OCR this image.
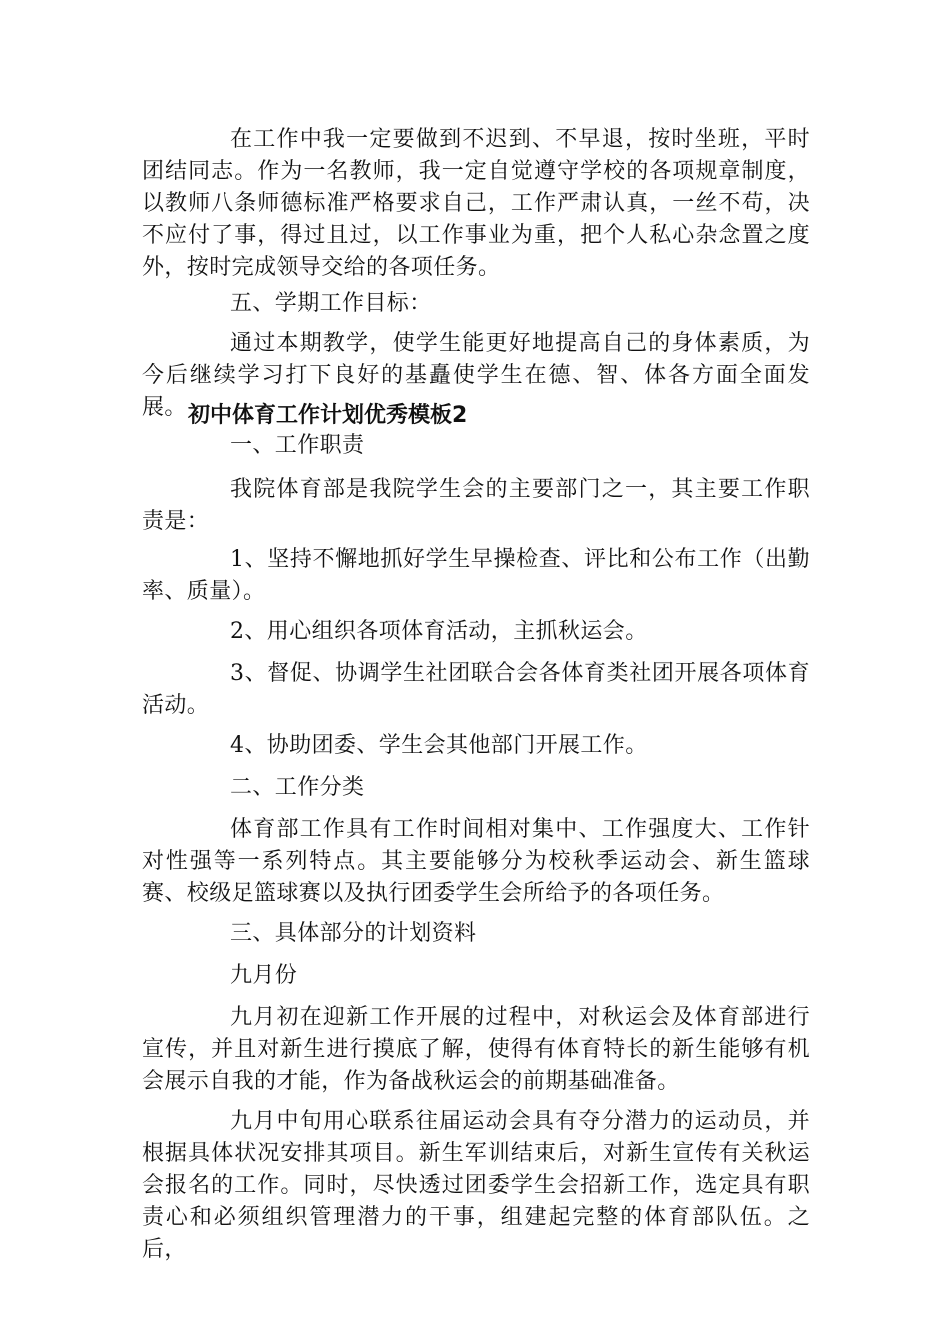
在工作中我一定要做到不迟到、不早退，按时坐班，平时团结同志。作为一名教师，我一定自觉遵守学校的各项规章制度，以教师八条师德标准严格要求自己，工作严肃认真，一丝不苟，决不应付了事，得过且过，以工作事业为重，把个人私心杂念置之度外，按时完成领导交给的各项任务。

五、学期工作目标：

通过本期教学，使学生能更好地提高自己的身体素质，为今后继续学习打下良好的基矗使学生在德、智、体各方面全面发展。 初中体育工作计划优秀模板2

一、工作职责

我院体育部是我院学生会的主要部门之一，其主要工作职责是：

1、坚持不懈地抓好学生早操检查、评比和公布工作（出勤率、质量）。

2、用心组织各项体育活动，主抓秋运会。

3、督促、协调学生社团联合会各体育类社团开展各项体育活动。

4、协助团委、学生会其他部门开展工作。

二、工作分类

体育部工作具有工作时间相对集中、工作强度大、工作针对性强等一系列特点。其主要能够分为校秋季运动会、新生篮球赛、校级足篮球赛以及执行团委学生会所给予的各项任务。

三、具体部分的计划资料

九月份

九月初在迎新工作开展的过程中，对秋运会及体育部进行宣传，并且对新生进行摸底了解，使得有体育特长的新生能够有机会展示自我的才能，作为备战秋运会的前期基础准备。

九月中旬用心联系往届运动会具有夺分潜力的运动员，并根据具体状况安排其项目。新生军训结束后，对新生宣传有关秋运会报名的工作。同时，尽快透过团委学生会招新工作，选定具有职责心和必须组织管理潜力的干事，组建起完整的体育部队伍。之后，
